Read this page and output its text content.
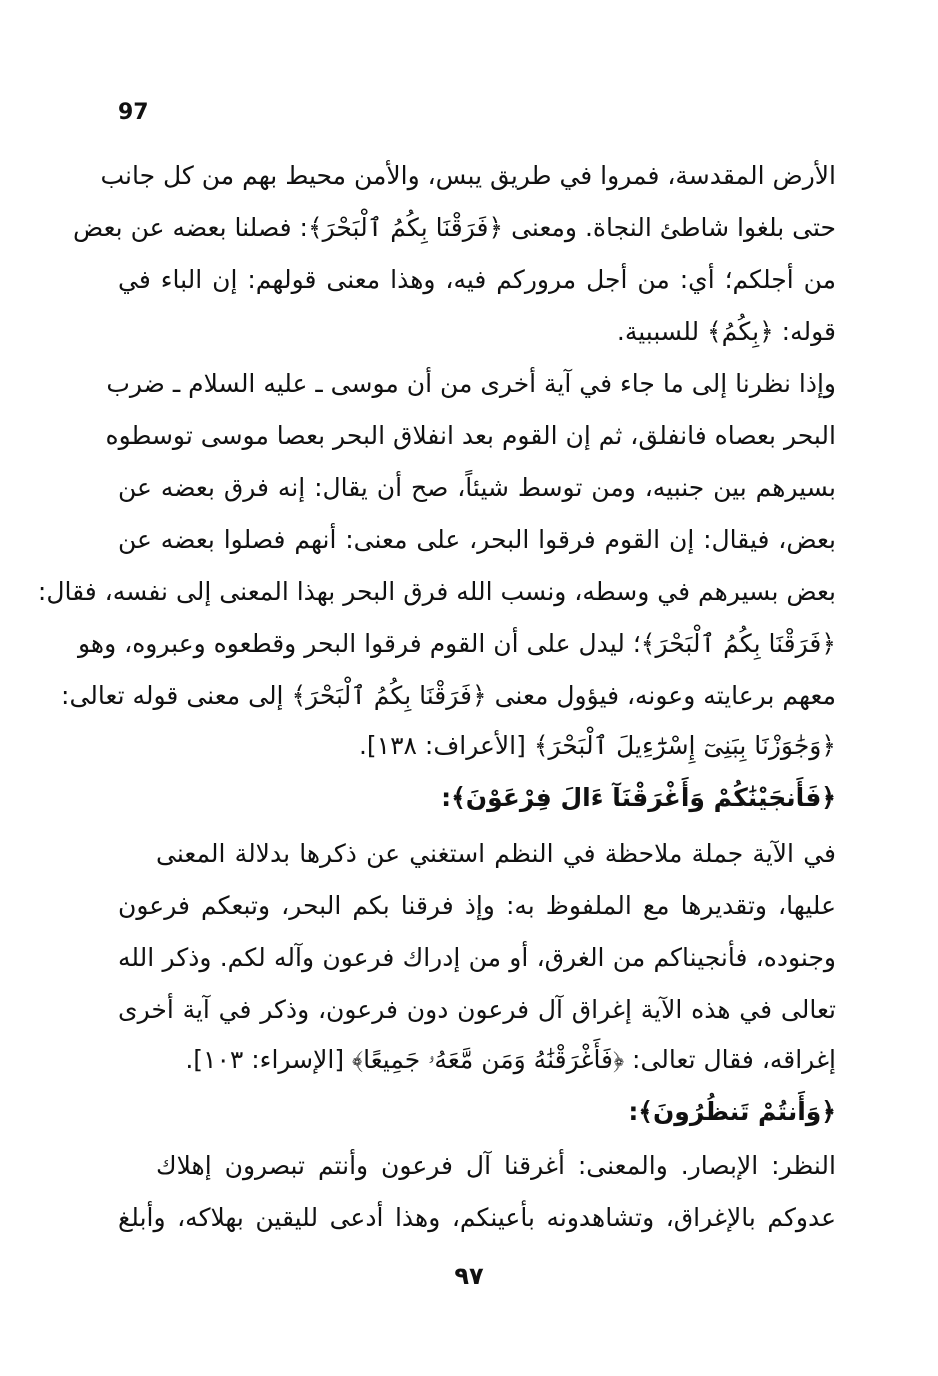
97
الأرض المقدسة، فمروا في طريق يبس، والأمن محيط بهم من كل جانب
حتى بلغوا شاطئ النجاة. ومعنى ﴿فَرَقْنَا بِكُمُ ٱلْبَحْرَ﴾: فصلنا بعضه عن بعض
من أجلكم؛ أي: من أجل مروركم فيه، وهذا معنى قولهم: إن الباء في
قوله: ﴿بِكُمُ﴾ للسببية.
وإذا نظرنا إلى ما جاء في آية أخرى من أن موسى ـ عليه السلام ـ ضرب
البحر بعصاه فانفلق، ثم إن القوم بعد انفلاق البحر بعصا موسى توسطوه
بسيرهم بين جنبيه، ومن توسط شيئاً، صح أن يقال: إنه فرق بعضه عن
بعض، فيقال: إن القوم فرقوا البحر، على معنى: أنهم فصلوا بعضه عن
بعض بسيرهم في وسطه، ونسب الله فرق البحر بهذا المعنى إلى نفسه، فقال:
﴿فَرَقْنَا بِكُمُ ٱلْبَحْرَ﴾؛ ليدل على أن القوم فرقوا البحر وقطعوه وعبروه، وهو
معهم برعايته وعونه، فيؤول معنى ﴿فَرَقْنَا بِكُمُ ٱلْبَحْرَ﴾ إلى معنى قوله تعالى:
﴿وَجَٰوَزْنَا بِبَنِىٓ إِسْرَٰٓءِيلَ ٱلْبَحْرَ﴾ [الأعراف: ١٣٨].
﴿فَأَنجَيْنَٰكُمْ وَأَغْرَقْنَآ ءَالَ فِرْعَوْنَ﴾:
في الآية جملة ملاحظة في النظم استغني عن ذكرها بدلالة المعنى
عليها، وتقديرها مع الملفوظ به: وإذ فرقنا بكم البحر، وتبعكم فرعون
وجنوده، فأنجيناكم من الغرق، أو من إدراك فرعون وآله لكم. وذكر الله
تعالى في هذه الآية إغراق آل فرعون دون فرعون، وذكر في آية أخرى
إغراقه، فقال تعالى: ﴿فَأَغْرَقْنَٰهُ وَمَن مَّعَهُۥ جَمِيعًا﴾ [الإسراء: ١٠٣].
﴿وَأَنتُمْ تَنظُرُونَ﴾:
النظر: الإبصار. والمعنى: أغرقنا آل فرعون وأنتم تبصرون إهلاك
عدوكم بالإغراق، وتشاهدونه بأعينكم، وهذا أدعى لليقين بهلاكه، وأبلغ
٩٧
